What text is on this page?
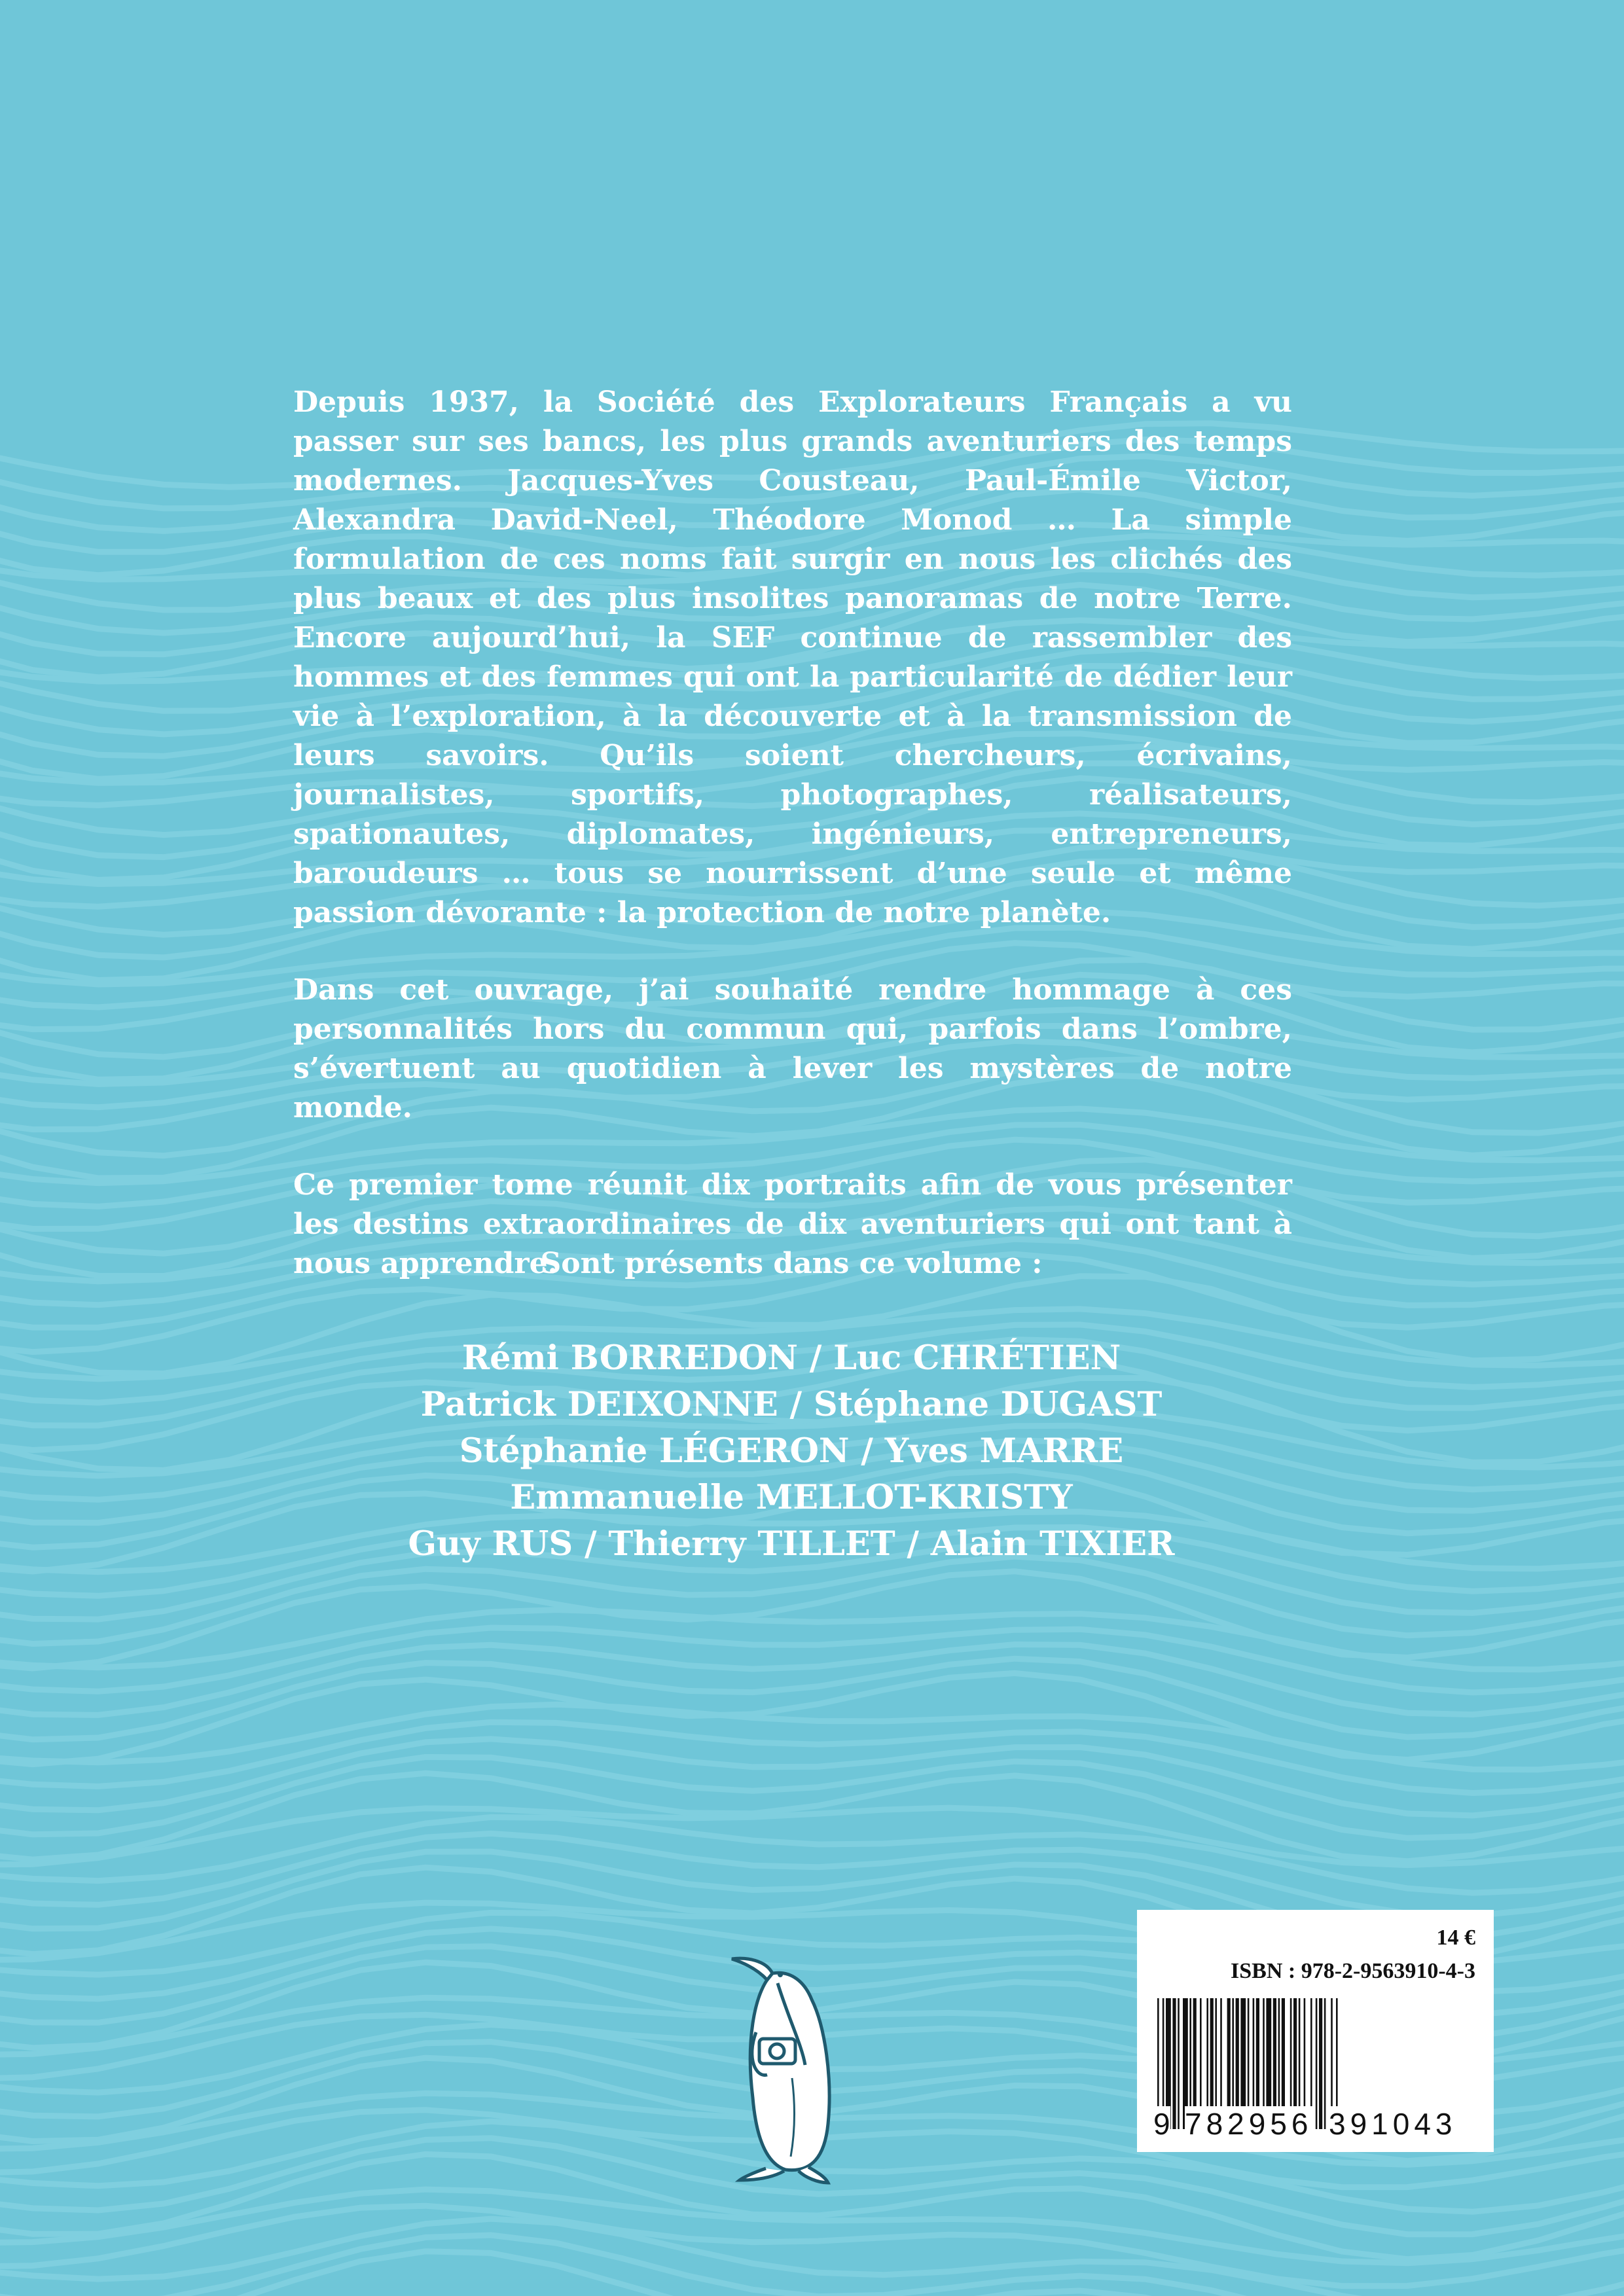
Depuis 1937, la Société des Explorateurs Français a vu passer sur ses bancs, les plus grands aventuriers des temps modernes. Jacques-Yves Cousteau, Paul-Émile Victor, Alexandra David-Neel, Théodore Monod … La simple formulation de ces noms fait surgir en nous les clichés des plus beaux et des plus insolites panoramas de notre Terre. Encore aujourd’hui, la SEF continue de rassembler des hommes et des femmes qui ont la particularité de dédier leur vie à l’exploration, à la découverte et à la transmission de leurs savoirs. Qu’ils soient chercheurs, écrivains, journalistes, sportifs, photographes, réalisateurs, spationautes, diplomates, ingénieurs, entrepreneurs, baroudeurs … tous se nourrissent d’une seule et même passion dévorante : la protection de notre planète.

Dans cet ouvrage, j’ai souhaité rendre hommage à ces personnalités hors du commun qui, parfois dans l’ombre, s’évertuent au quotidien à lever les mystères de notre monde.

Ce premier tome réunit dix portraits afin de vous présenter les destins extraordinaires de dix aventuriers qui ont tant à nous apprendre.

Sont présents dans ce volume :
Rémi BORREDON / Luc CHRÉTIEN
Patrick DEIXONNE / Stéphane DUGAST
Stéphanie LÉGERON / Yves MARRE
Emmanuelle MELLOT-KRISTY
Guy RUS / Thierry TILLET / Alain TIXIER
14 €
ISBN : 978-2-9563910-4-3
9 782956 391043
